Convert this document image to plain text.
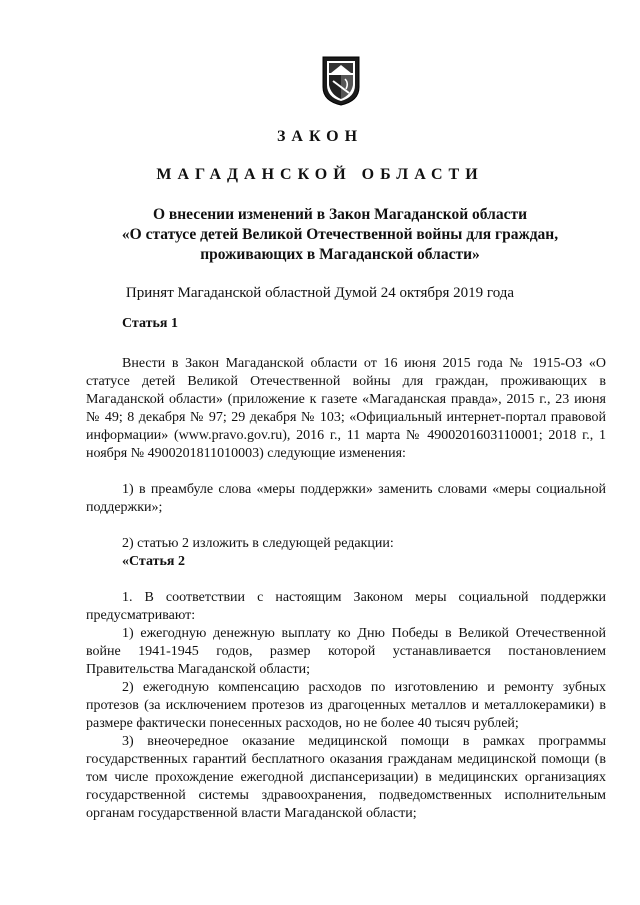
ЗАКОН
МАГАДАНСКОЙ ОБЛАСТИ
О внесении изменений в Закон Магаданской области
«О статусе детей Великой Отечественной войны для граждан,
проживающих в Магаданской области»
Принят Магаданской областной Думой 24 октября 2019 года

Статья 1

Внести в Закон Магаданской области от 16 июня 2015 года № 1915-ОЗ «О статусе детей Великой Отечественной войны для граждан, проживающих в Магаданской области» (приложение к газете «Магаданская правда», 2015 г., 23 июня № 49; 8 декабря № 97; 29 декабря № 103; «Официальный интернет-портал правовой информации» (www.pravo.gov.ru), 2016 г., 11 марта № 4900201603110001; 2018 г., 1 ноября № 4900201811010003) следующие изменения:

1) в преамбуле слова «меры поддержки» заменить словами «меры социальной поддержки»;

2) статью 2 изложить в следующей редакции:

«Статья 2

1. В соответствии с настоящим Законом меры социальной поддержки предусматривают:

1) ежегодную денежную выплату ко Дню Победы в Великой Отечественной войне 1941-1945 годов, размер которой устанавливается постановлением Правительства Магаданской области;

2) ежегодную компенсацию расходов по изготовлению и ремонту зубных протезов (за исключением протезов из драгоценных металлов и металлокерамики) в размере фактически понесенных расходов, но не более 40 тысяч рублей;

3) внеочередное оказание медицинской помощи в рамках программы государственных гарантий бесплатного оказания гражданам медицинской помощи (в том числе прохождение ежегодной диспансеризации) в медицинских организациях государственной системы здравоохранения, подведомственных исполнительным органам государственной власти Магаданской области;
